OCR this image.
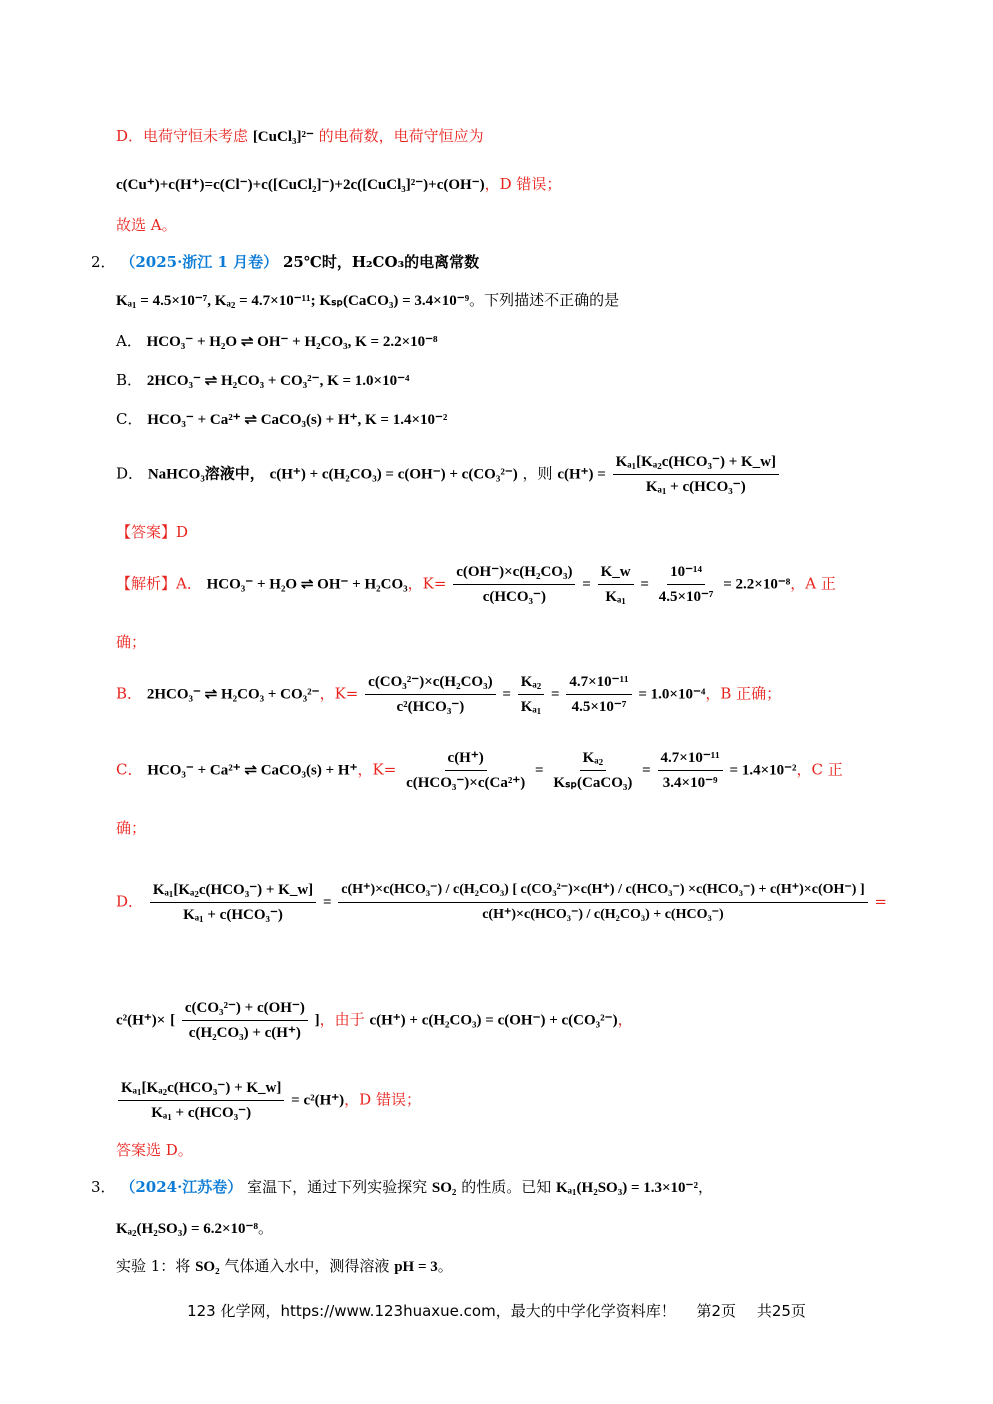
D．电荷守恒未考虑 [CuCl₃]²⁻ 的电荷数，电荷守恒应为
c(Cu⁺)+c(H⁺)=c(Cl⁻)+c([CuCl₂]⁻)+2c([CuCl₃]²⁻)+c(OH⁻)，D 错误；
故选 A。
2． （2025·浙江 1 月卷） 25℃时，H₂CO₃的电离常数
Kₐ₁ = 4.5×10⁻⁷, Kₐ₂ = 4.7×10⁻¹¹; Kₛₚ(CaCO₃) = 3.4×10⁻⁹。下列描述不正确的是
A． HCO₃⁻ + H₂O ⇌ OH⁻ + H₂CO₃, K = 2.2×10⁻⁸
B． 2HCO₃⁻ ⇌ H₂CO₃ + CO₃²⁻, K = 1.0×10⁻⁴
C． HCO₃⁻ + Ca²⁺ ⇌ CaCO₃(s) + H⁺, K = 1.4×10⁻²
D． NaHCO₃溶液中， c(H⁺) + c(H₂CO₃) = c(OH⁻) + c(CO₃²⁻) ，则 $c(H^+) = \frac{\text{Kₐ₁[Kₐ₂c(HCO₃⁻) + K\_w]}}{\text{Kₐ₁ + c(HCO₃⁻)}}$
【答案】D
【解析】A． HCO₃⁻ + H₂O ⇌ OH⁻ + H₂CO₃，$K= \frac{\text{c(OH⁻)×c(H₂CO₃)}}{\text{c(HCO₃⁻)}} = \frac{K\_w}{\text{Kₐ₁}} = \frac{\text{10⁻¹⁴}}{\text{4.5×10⁻⁷}} = 2.2\times 10^{-8}$，A 正
确；
B． 2HCO₃⁻ ⇌ H₂CO₃ + CO₃²⁻，$K= \frac{\text{c(CO₃²⁻)×c(H₂CO₃)}}{\text{c²(HCO₃⁻)}} = \frac{\text{Kₐ₂}}{\text{Kₐ₁}} = \frac{\text{4.7×10⁻¹¹}}{\text{4.5×10⁻⁷}} = 1.0\times 10^{-4}$，B 正确；
C． HCO₃⁻ + Ca²⁺ ⇌ CaCO₃(s) + H⁺，$K= \frac{c(H^+)}{\text{c(HCO₃⁻)×c(Ca²⁺)}} = \frac{\text{Kₐ₂}}{\text{Kₛₚ(CaCO₃)}} = \frac{\text{4.7×10⁻¹¹}}{\text{3.4×10⁻⁹}} = 1.4\times 10^{-2}$，C 正
确；
D． $\frac{\text{Kₐ₁[Kₐ₂c(HCO₃⁻) + K\_w]}}{\text{Kₐ₁ + c(HCO₃⁻)}}$ =
c(H⁺)×c(HCO₃⁻) / c(H₂CO₃) [ c(CO₃²⁻)×c(H⁺) / c(HCO₃⁻) ×c(HCO₃⁻) + c(H⁺)×c(OH⁻) ]
c(H⁺)×c(HCO₃⁻) / c(H₂CO₃) + c(HCO₃⁻)
=
c²(H⁺)× [ $\frac{\text{c(CO₃²⁻) + c(OH⁻)}}{\text{c(H₂CO₃) + c(H⁺)}}$ ]，由于 c(H⁺) + c(H₂CO₃) = c(OH⁻) + c(CO₃²⁻)，
$\frac{\text{Kₐ₁[Kₐ₂c(HCO₃⁻) + K\_w]}}{\text{Kₐ₁ + c(HCO₃⁻)}} = c^2(H^+)$，D 错误；
答案选 D。
3． （2024·江苏卷） 室温下，通过下列实验探究 SO₂ 的性质。已知 Kₐ₁(H₂SO₃) = 1.3×10⁻²，
Kₐ₂(H₂SO₃) = 6.2×10⁻⁸。
实验 1：将 SO₂ 气体通入水中，测得溶液 pH = 3。
123 化学网，https://www.123huaxue.com，最大的中学化学资料库！ 第2页 共25页
